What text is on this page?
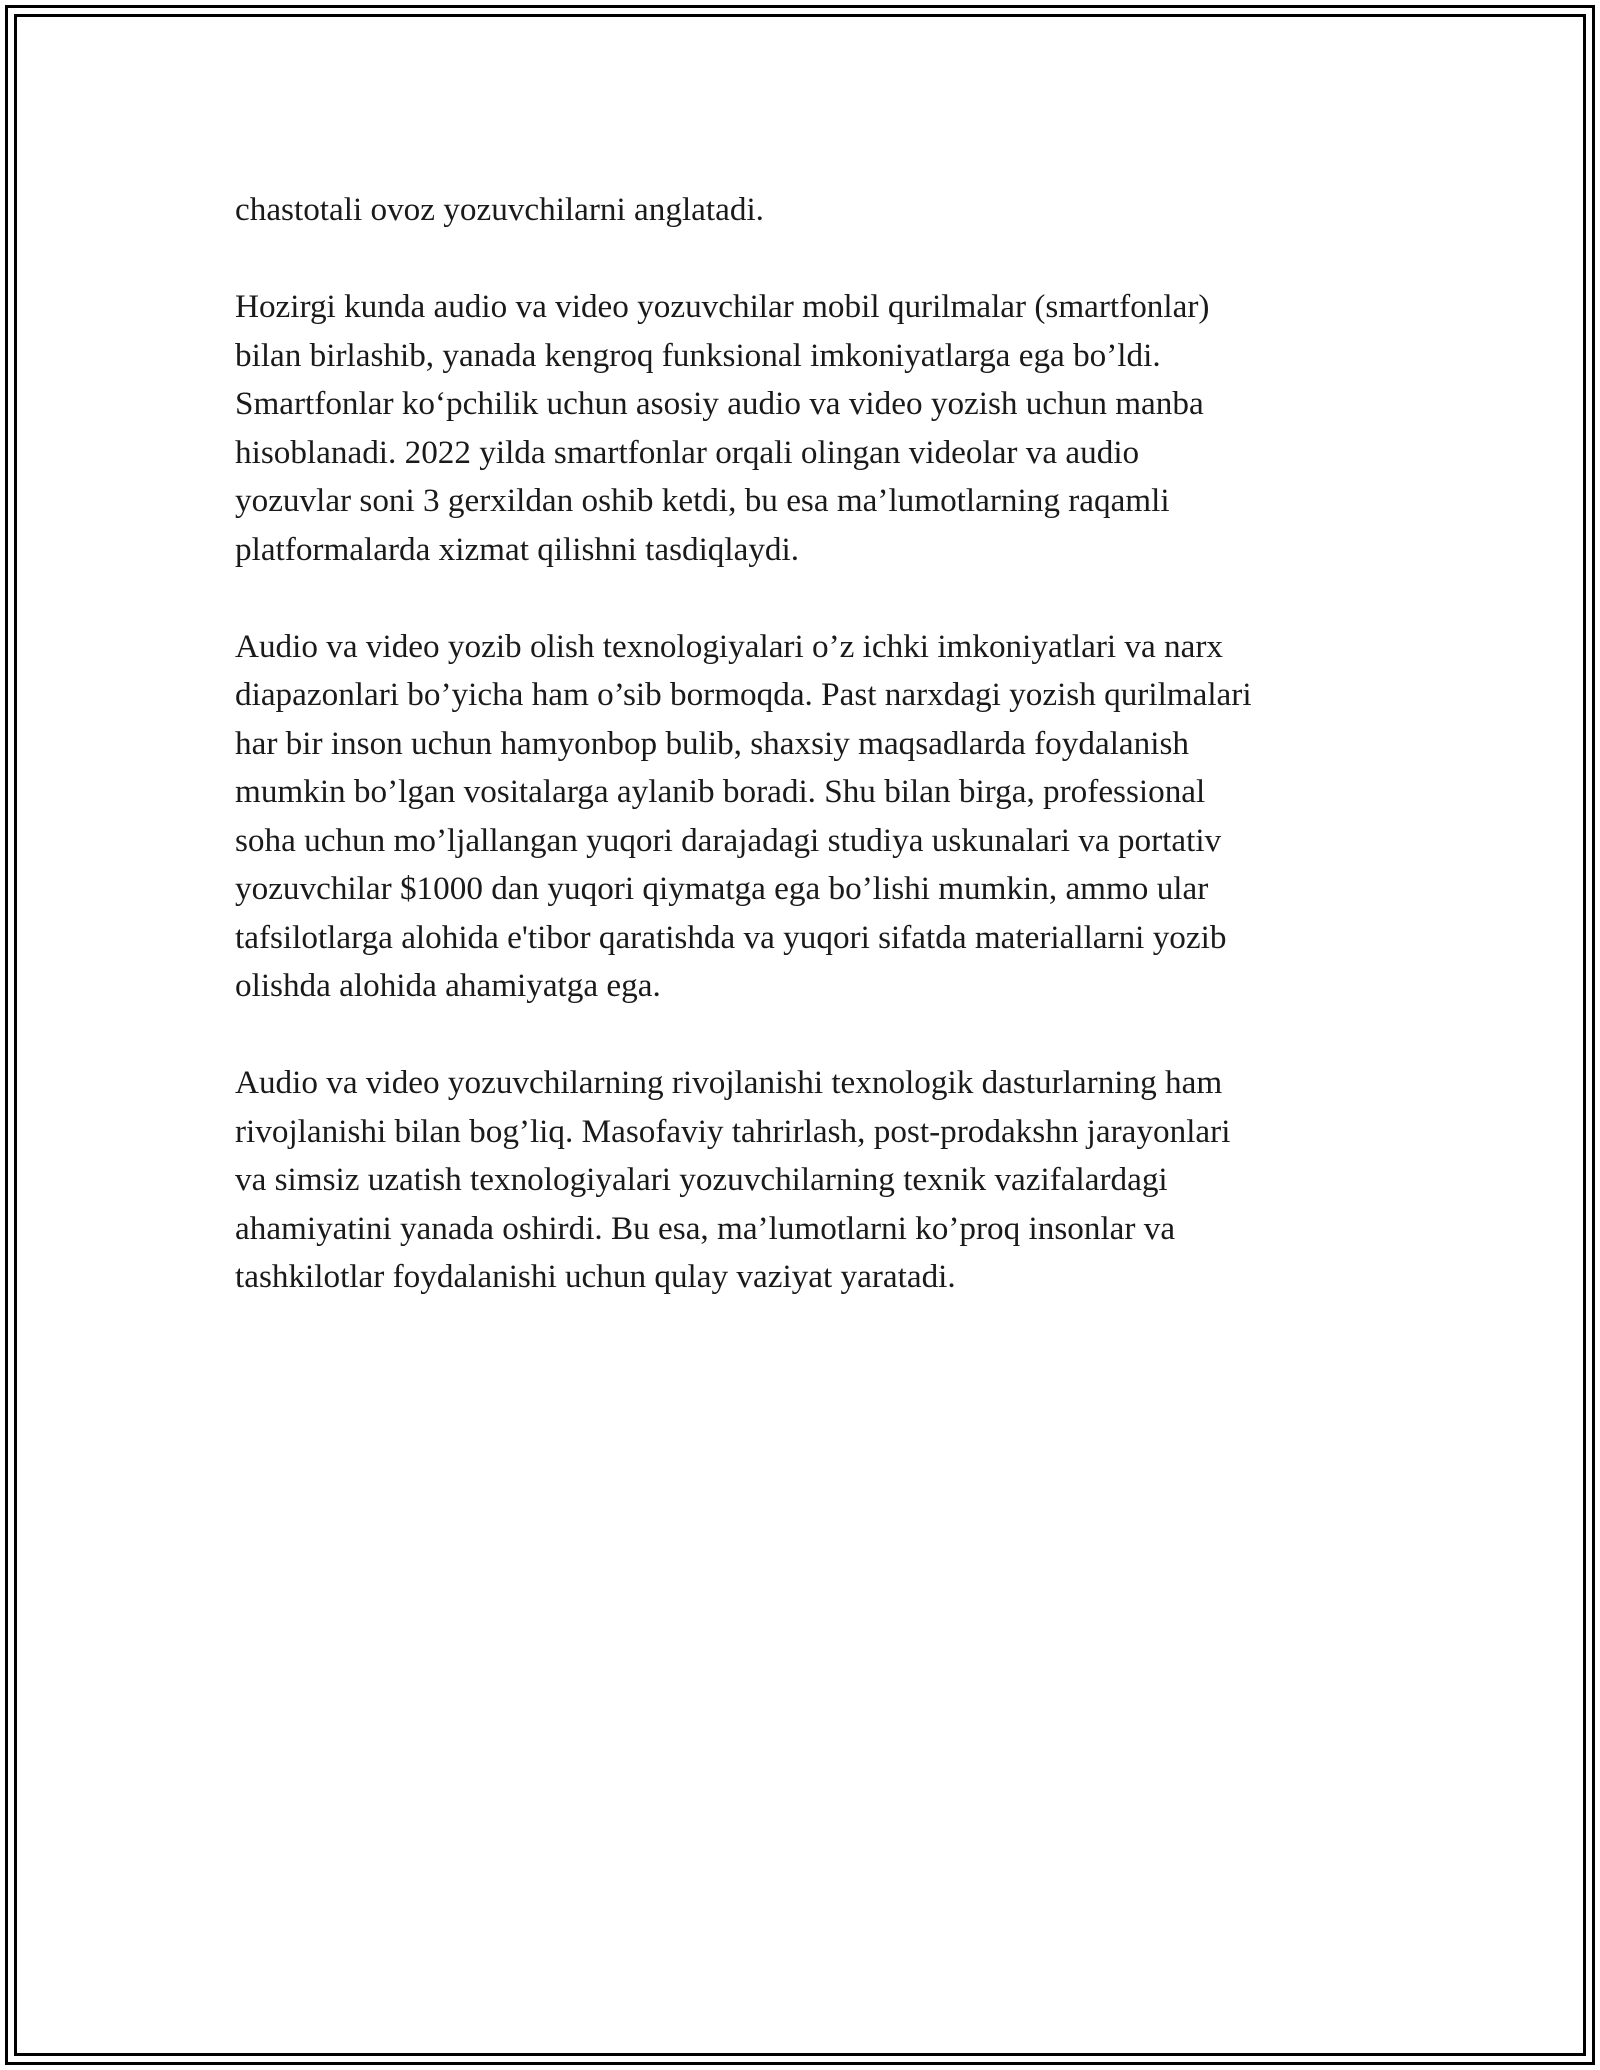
chastotali ovoz yozuvchilarni anglatadi.
Hozirgi kunda audio va video yozuvchilar mobil qurilmalar (smartfonlar)
bilan birlashib, yanada kengroq funksional imkoniyatlarga ega bo’ldi.
Smartfonlar ko‘pchilik uchun asosiy audio va video yozish uchun manba
hisoblanadi. 2022 yilda smartfonlar orqali olingan videolar va audio
yozuvlar soni 3 gerxildan oshib ketdi, bu esa ma’lumotlarning raqamli
platformalarda xizmat qilishni tasdiqlaydi.
Audio va video yozib olish texnologiyalari o’z ichki imkoniyatlari va narx
diapazonlari bo’yicha ham o’sib bormoqda. Past narxdagi yozish qurilmalari
har bir inson uchun hamyonbop bulib, shaxsiy maqsadlarda foydalanish
mumkin bo’lgan vositalarga aylanib boradi. Shu bilan birga, professional
soha uchun mo’ljallangan yuqori darajadagi studiya uskunalari va portativ
yozuvchilar $1000 dan yuqori qiymatga ega bo’lishi mumkin, ammo ular
tafsilotlarga alohida e'tibor qaratishda va yuqori sifatda materiallarni yozib
olishda alohida ahamiyatga ega.
Audio va video yozuvchilarning rivojlanishi texnologik dasturlarning ham
rivojlanishi bilan bog’liq. Masofaviy tahrirlash, post-prodakshn jarayonlari
va simsiz uzatish texnologiyalari yozuvchilarning texnik vazifalardagi
ahamiyatini yanada oshirdi. Bu esa, ma’lumotlarni ko’proq insonlar va
tashkilotlar foydalanishi uchun qulay vaziyat yaratadi.
